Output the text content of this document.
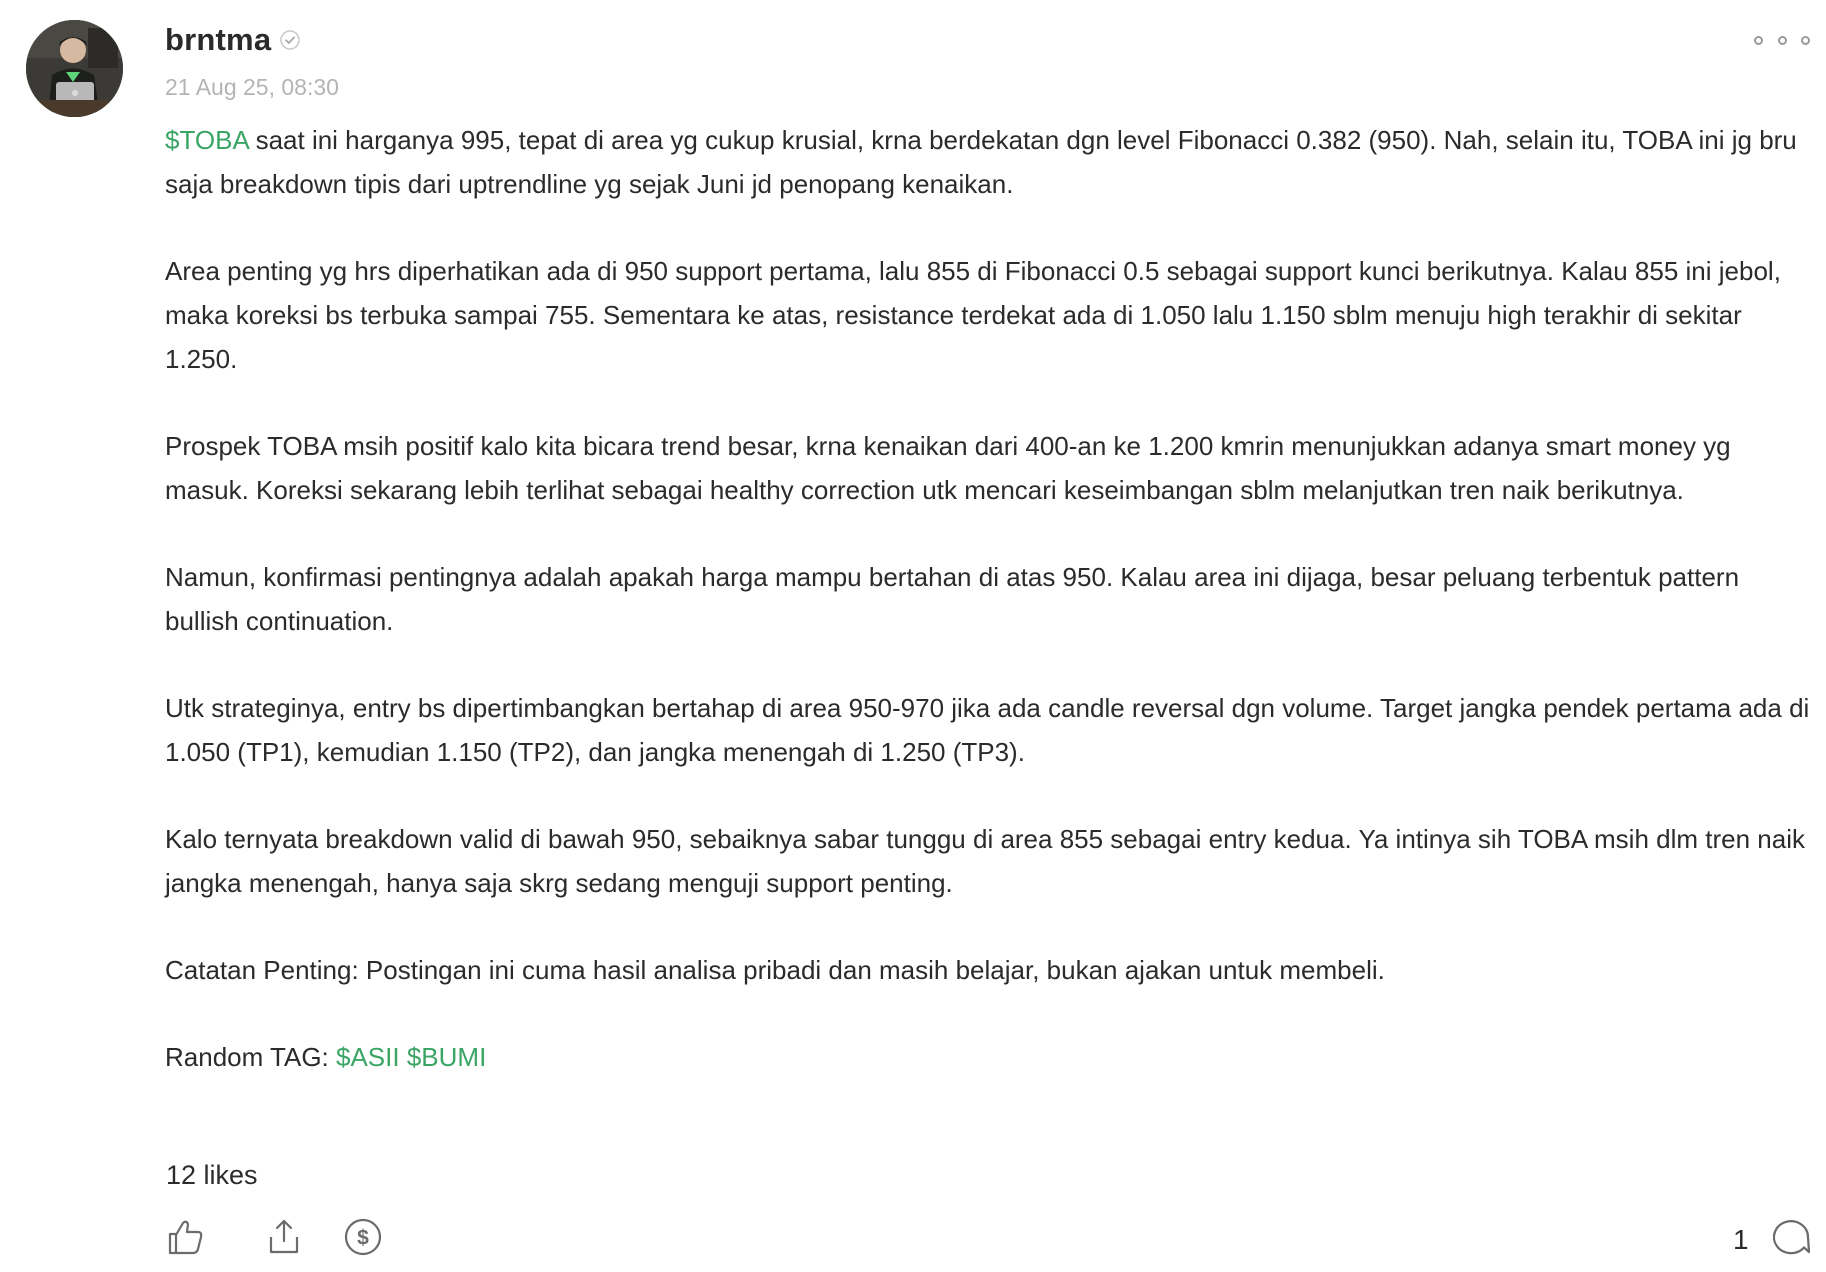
brntma
21 Aug 25, 08:30

$TOBA saat ini harganya 995, tepat di area yg cukup krusial, krna berdekatan dgn level Fibonacci 0.382 (950). Nah, selain itu, TOBA ini jg bru saja breakdown tipis dari uptrendline yg sejak Juni jd penopang kenaikan.

Area penting yg hrs diperhatikan ada di 950 support pertama, lalu 855 di Fibonacci 0.5 sebagai support kunci berikutnya. Kalau 855 ini jebol, maka koreksi bs terbuka sampai 755. Sementara ke atas, resistance terdekat ada di 1.050 lalu 1.150 sblm menuju high terakhir di sekitar 1.250.

Prospek TOBA msih positif kalo kita bicara trend besar, krna kenaikan dari 400-an ke 1.200 kmrin menunjukkan adanya smart money yg masuk. Koreksi sekarang lebih terlihat sebagai healthy correction utk mencari keseimbangan sblm melanjutkan tren naik berikutnya.

Namun, konfirmasi pentingnya adalah apakah harga mampu bertahan di atas 950. Kalau area ini dijaga, besar peluang terbentuk pattern bullish continuation.

Utk strateginya, entry bs dipertimbangkan bertahap di area 950-970 jika ada candle reversal dgn volume. Target jangka pendek pertama ada di 1.050 (TP1), kemudian 1.150 (TP2), dan jangka menengah di 1.250 (TP3).

Kalo ternyata breakdown valid di bawah 950, sebaiknya sabar tunggu di area 855 sebagai entry kedua. Ya intinya sih TOBA msih dlm tren naik jangka menengah, hanya saja skrg sedang menguji support penting.

Catatan Penting: Postingan ini cuma hasil analisa pribadi dan masih belajar, bukan ajakan untuk membeli.

Random TAG: $ASII $BUMI

12 likes
$	1
